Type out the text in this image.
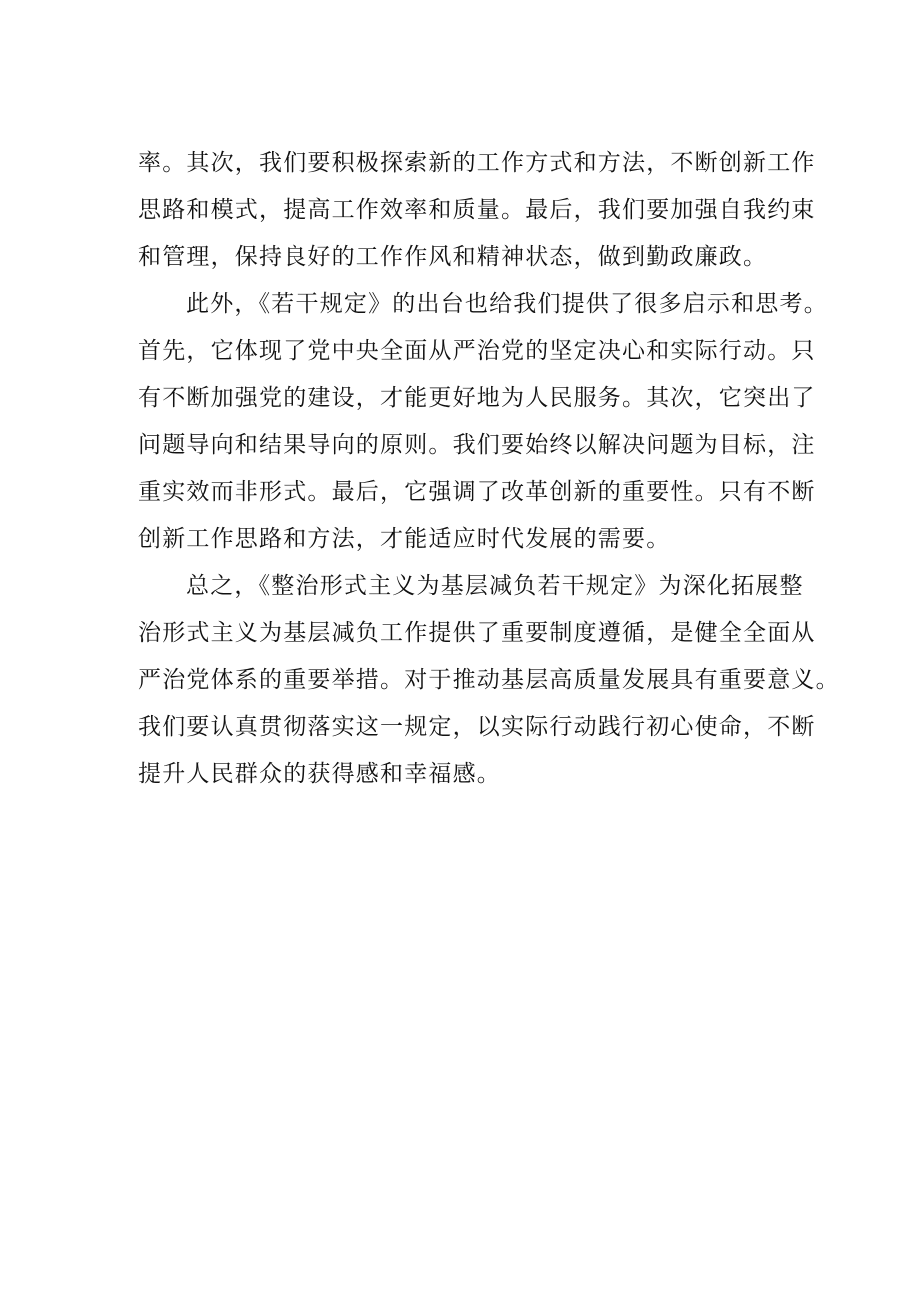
率。其次，我们要积极探索新的工作方式和方法，不断创新工作
思路和模式，提高工作效率和质量。最后，我们要加强自我约束
和管理，保持良好的工作作风和精神状态，做到勤政廉政。
此外，《若干规定》的出台也给我们提供了很多启示和思考。
首先，它体现了党中央全面从严治党的坚定决心和实际行动。只
有不断加强党的建设，才能更好地为人民服务。其次，它突出了
问题导向和结果导向的原则。我们要始终以解决问题为目标，注
重实效而非形式。最后，它强调了改革创新的重要性。只有不断
创新工作思路和方法，才能适应时代发展的需要。
总之，《整治形式主义为基层减负若干规定》为深化拓展整
治形式主义为基层减负工作提供了重要制度遵循，是健全全面从
严治党体系的重要举措。对于推动基层高质量发展具有重要意义。
我们要认真贯彻落实这一规定，以实际行动践行初心使命，不断
提升人民群众的获得感和幸福感。
